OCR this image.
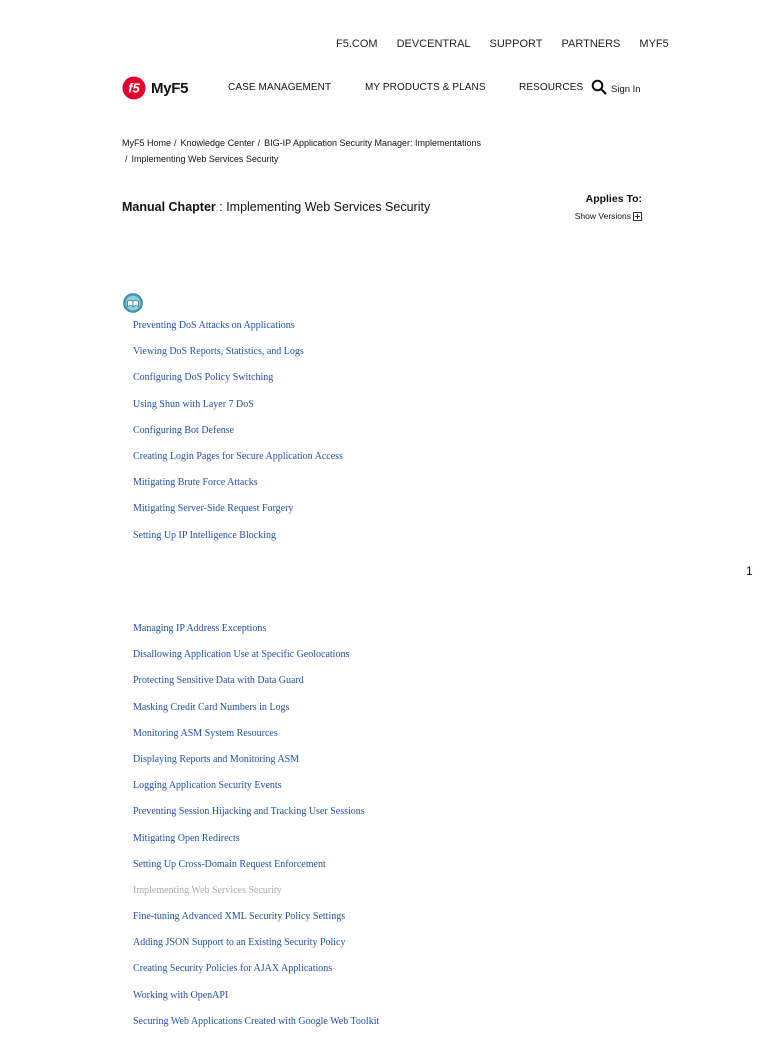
F5.COM DEVCENTRAL SUPPORT PARTNERS MYF5
f5 MyF5	CASE MANAGEMENT	MY PRODUCTS & PLANS	RESOURCES	Sign In
MyF5 Home / Knowledge Center / BIG-IP Application Security Manager: Implementations
/ Implementing Web Services Security
Manual Chapter : Implementing Web Services Security
Applies To:
Show Versions
Preventing DoS Attacks on Applications
Viewing DoS Reports, Statistics, and Logs
Configuring DoS Policy Switching
Using Shun with Layer 7 DoS
Configuring Bot Defense
Creating Login Pages for Secure Application Access
Mitigating Brute Force Attacks
Mitigating Server-Side Request Forgery
Setting Up IP Intelligence Blocking
1
Managing IP Address Exceptions
Disallowing Application Use at Specific Geolocations
Protecting Sensitive Data with Data Guard
Masking Credit Card Numbers in Logs
Monitoring ASM System Resources
Displaying Reports and Monitoring ASM
Logging Application Security Events
Preventing Session Hijacking and Tracking User Sessions
Mitigating Open Redirects
Setting Up Cross-Domain Request Enforcement
Implementing Web Services Security
Fine-tuning Advanced XML Security Policy Settings
Adding JSON Support to an Existing Security Policy
Creating Security Policies for AJAX Applications
Working with OpenAPI
Securing Web Applications Created with Google Web Toolkit
